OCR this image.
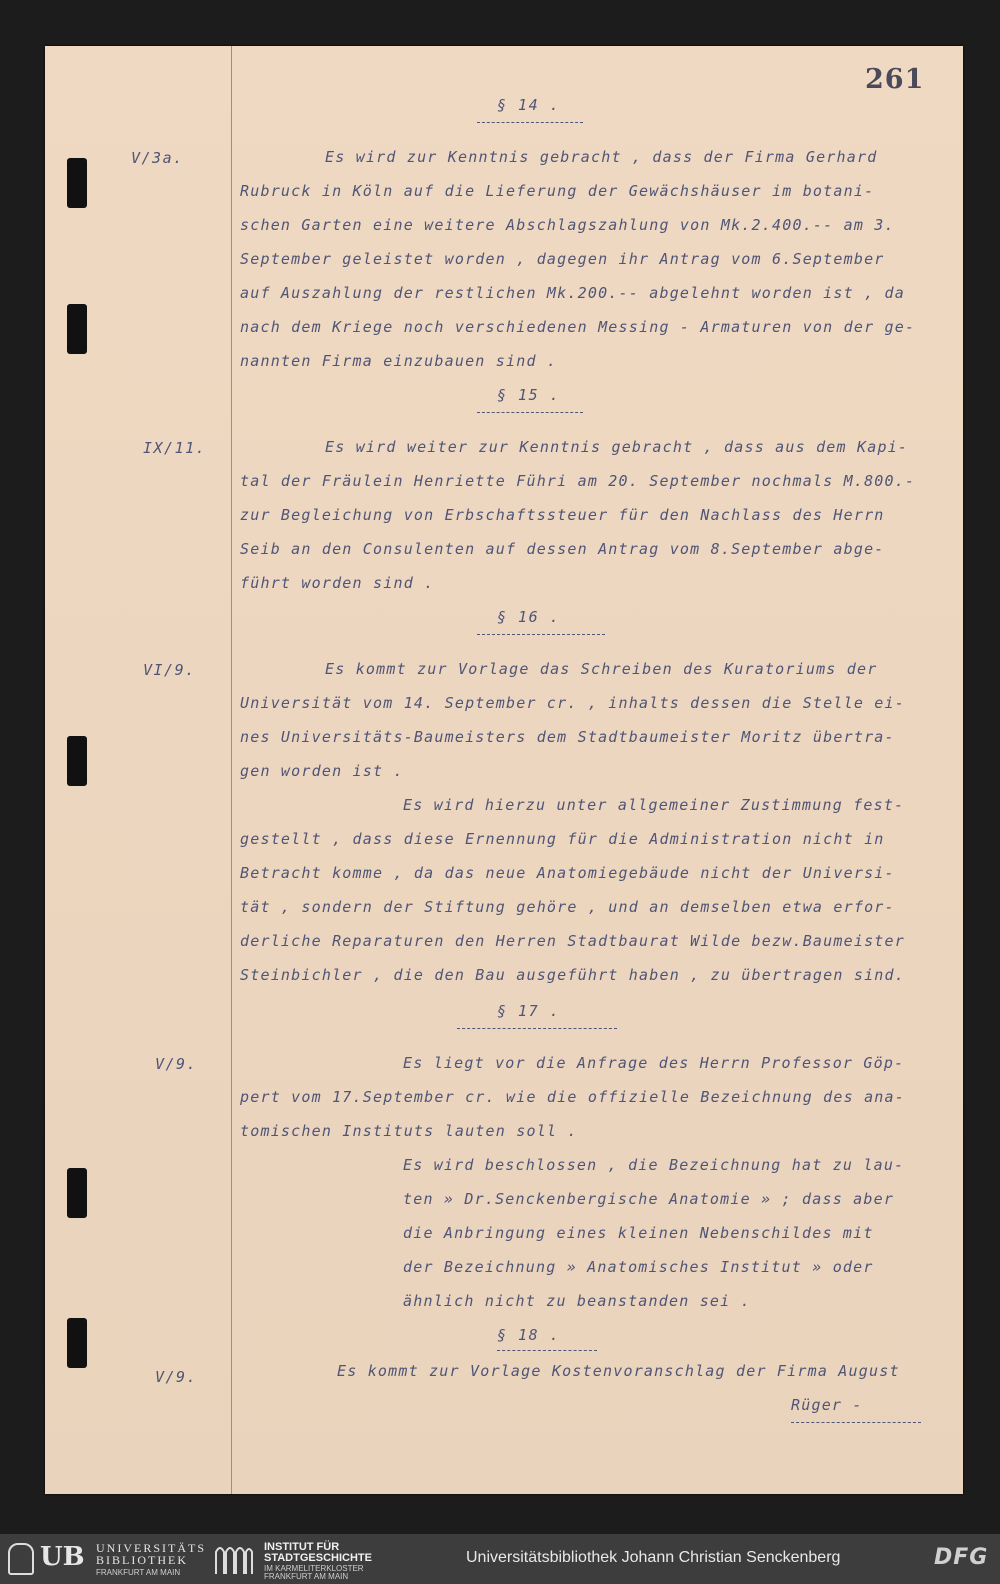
261
§ 14 .
V/3a.	Es wird zur Kenntnis gebracht , dass der Firma Gerhard
Rubruck in Köln auf die Lieferung der Gewächshäuser im botani-
schen Garten eine weitere Abschlagszahlung von Mk.2.400.-- am 3.
September geleistet worden , dagegen ihr Antrag vom 6.September
auf Auszahlung der restlichen Mk.200.-- abgelehnt worden ist , da
nach dem Kriege noch verschiedenen Messing - Armaturen von der ge-
nannten Firma einzubauen sind .
§ 15 .
IX/11.	Es wird weiter zur Kenntnis gebracht , dass aus dem Kapi-
tal der Fräulein Henriette Führi am 20. September nochmals M.800.-
zur Begleichung von Erbschaftssteuer für den Nachlass des Herrn
Seib an den Consulenten auf dessen Antrag vom 8.September abge-
führt worden sind .
§ 16 .
VI/9.	Es kommt zur Vorlage das Schreiben des Kuratoriums der
Universität vom 14. September cr. , inhalts dessen die Stelle ei-
nes Universitäts-Baumeisters dem Stadtbaumeister Moritz übertra-
gen worden ist .
Es wird hierzu unter allgemeiner Zustimmung fest-
gestellt , dass diese Ernennung für die Administration nicht in
Betracht komme , da das neue Anatomiegebäude nicht der Universi-
tät , sondern der Stiftung gehöre , und an demselben etwa erfor-
derliche Reparaturen den Herren Stadtbaurat Wilde bezw.Baumeister
Steinbichler , die den Bau ausgeführt haben , zu übertragen sind.
§ 17 .
V/9.	Es liegt vor die Anfrage des Herrn Professor Göp-
pert vom 17.September cr. wie die offizielle Bezeichnung des ana-
tomischen Instituts lauten soll .
Es wird beschlossen , die Bezeichnung hat zu lau-
ten » Dr.Senckenbergische Anatomie » ; dass aber
die Anbringung eines kleinen Nebenschildes mit
der Bezeichnung » Anatomisches Institut » oder
ähnlich nicht zu beanstanden sei .
§ 18 .
V/9.	Es kommt zur Vorlage Kostenvoranschlag der Firma August
Rüger -
UB UNIVERSITÄTS
BIBLIOTHEK
FRANKFURT AM MAIN
INSTITUT FÜR
STADTGESCHICHTE
IM KARMELITERKLOSTER
FRANKFURT AM MAIN
Universitätsbibliothek Johann Christian Senckenberg	DFG
